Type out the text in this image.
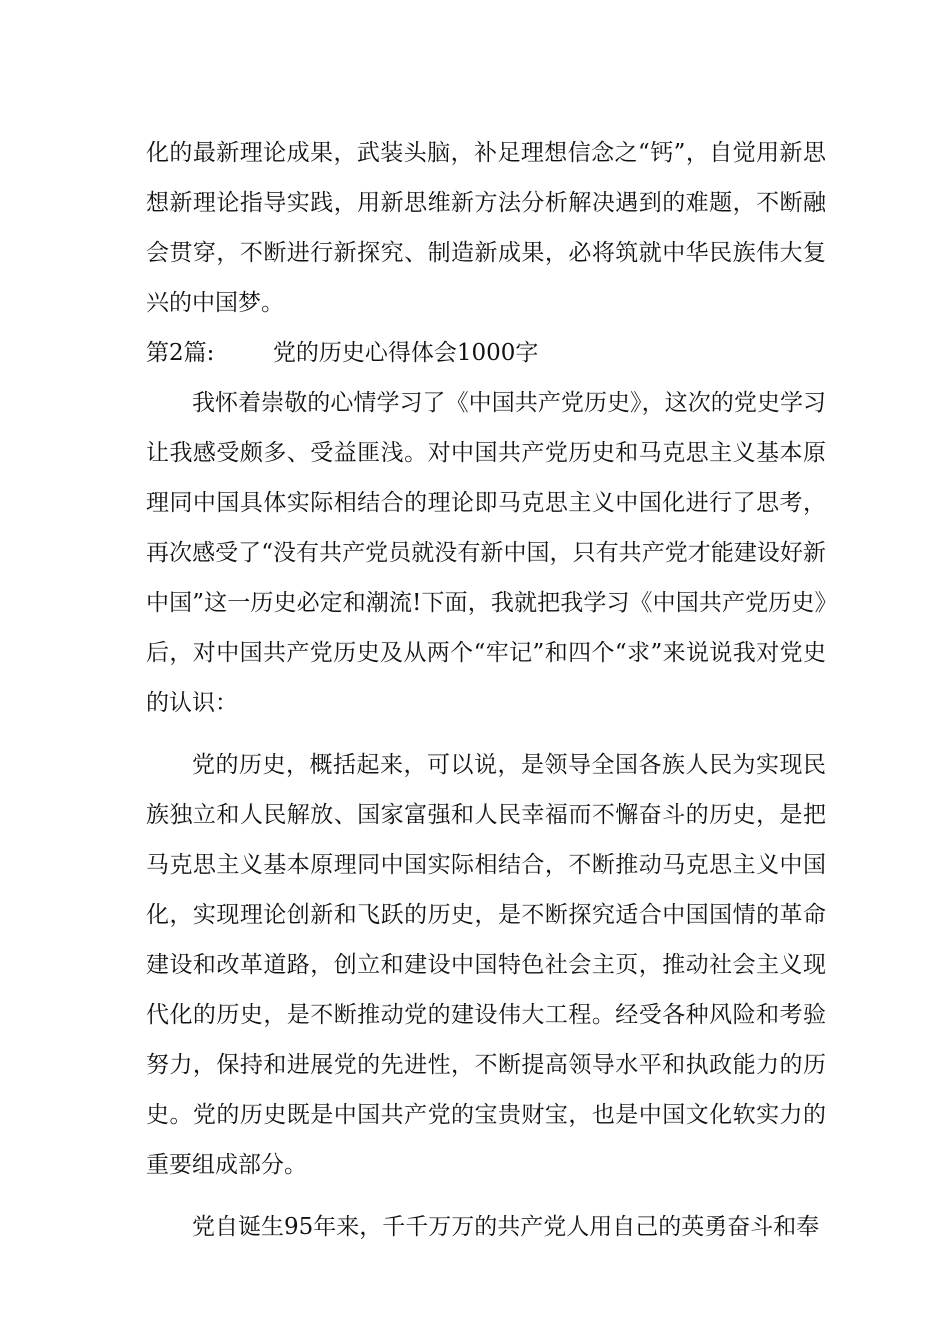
化的最新理论成果，武装头脑，补足理想信念之“钙”，自觉用新思想新理论指导实践，用新思维新方法分析解决遇到的难题，不断融会贯穿，不断进行新探究、制造新成果，必将筑就中华民族伟大复兴的中国梦。

第2篇:        党的历史心得体会1000字

我怀着崇敬的心情学习了《中国共产党历史》，这次的党史学习让我感受颇多、受益匪浅。对中国共产党历史和马克思主义基本原理同中国具体实际相结合的理论即马克思主义中国化进行了思考，再次感受了“没有共产党员就没有新中国，只有共产党才能建设好新中国”这一历史必定和潮流!下面，我就把我学习《中国共产党历史》后，对中国共产党历史及从两个“牢记”和四个“求”来说说我对党史的认识：

党的历史，概括起来，可以说，是领导全国各族人民为实现民族独立和人民解放、国家富强和人民幸福而不懈奋斗的历史，是把马克思主义基本原理同中国实际相结合，不断推动马克思主义中国化，实现理论创新和飞跃的历史，是不断探究适合中国国情的革命建设和改革道路，创立和建设中国特色社会主页，推动社会主义现代化的历史，是不断推动党的建设伟大工程。经受各种风险和考验努力，保持和进展党的先进性，不断提高领导水平和执政能力的历史。党的历史既是中国共产党的宝贵财宝，也是中国文化软实力的重要组成部分。

党自诞生95年来，千千万万的共产党人用自己的英勇奋斗和奉
